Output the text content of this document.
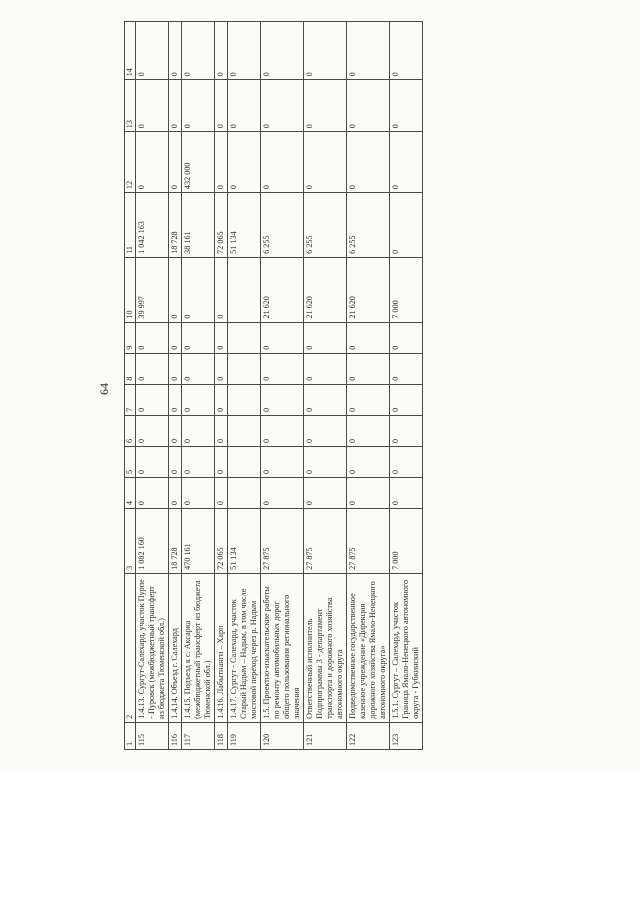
64
1	2	3	4	5	6	7	8	9	10	11	12	13	14
115	1.4.13. Сургут-Салехард, участок Пурпе - Пуровск (межбюджетный трансферт из бюджета Тюменской обл.)	1 082 160	0	0	0	0	0	0	39 997	1 042 163	0	0	0
116	1.4.14. Объезд г. Салехард	18 728	0	0	0	0	0	0	0	18 728	0	0	0
117	1.4.15. Подъезд к с. Аксарка (межбюджетный трансферт из бюджета Тюменской обл.)	470 161	0	0	0	0	0	0	0	38 161	432 000	0	0
118	1.4.16. Лабытнанги – Харп	72 065	0	0	0	0	0	0	0	72 065	0	0	0
119	1.4.17. Сургут - Салехард, участок Старый Надым – Надым, в том числе мостовой переход через р. Надым	51 134								51 134	0	0	0
120	1.5. Проектно-изыскательские работы по ремонту автомобильных дорог общего пользования регионального значения	27 875	0	0	0	0	0	0	21 620	6 255	0	0	0
121	Ответственный исполнитель Подпрограммы 3 - департамент транспорта и дорожного хозяйства автономного округа	27 875	0	0	0	0	0	0	21 620	6 255	0	0	0
122	Подведомственное государственное казенное учреждение «Дирекция дорожного хозяйства Ямало-Ненецкого автономного округа»	27 875	0	0	0	0	0	0	21 620	6 255	0	0	0
123	1.5.1. Сургут – Салехард, участок Граница Ямало-Ненецкого автономного округа - Губкинский	7 000	0	0	0	0	0	0	7 000	0	0	0	0
